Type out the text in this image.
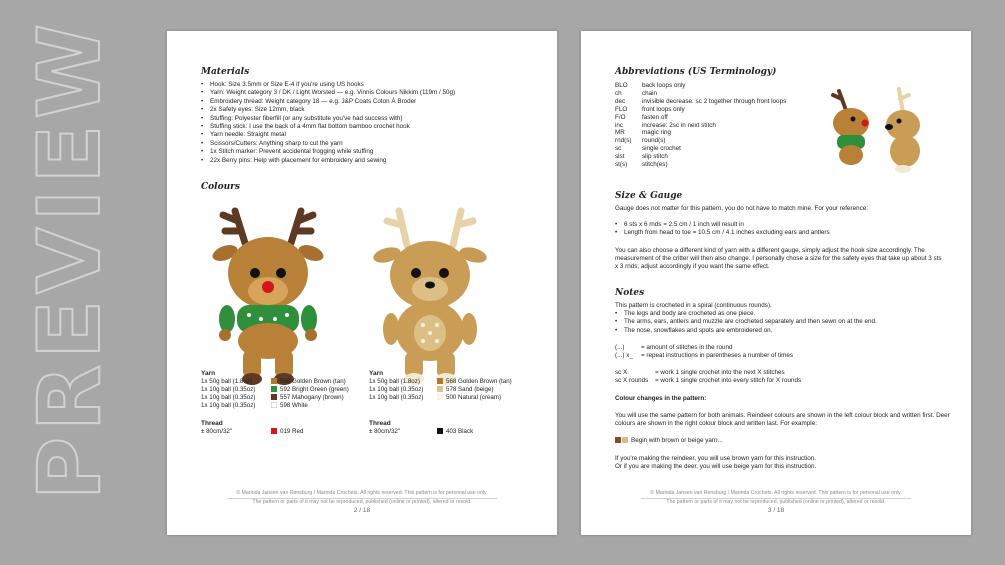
PREVIEW	Materials
• Hook: Size 3.5mm or Size E-4 if you're using US hooks
• Yarn: Weight category 3 / DK / Light Worsted — e.g. Vinnis Colours Nikkim (119m / 50g)
• Embroidery thread: Weight category 18 — e.g. J&P Coats Coton À Broder
• 2x Safety eyes: Size 12mm, black
• Stuffing: Polyester fiberfill (or any substitute you've had success with)
• Stuffing stick: I use the back of a 4mm flat bottom bamboo crochet hook
• Yarn needle: Straight metal
• Scissors/Cutters: Anything sharp to cut the yarn
• 1x Stitch marker: Prevent accidental frogging while stuffing
• 22x Berry pins: Help with placement for embroidery and sewing
Colours
Yarn
1x 50g ball (1.8oz)	568 Golden Brown (tan)
1x 10g ball (0.35oz)	592 Bright Green (green)
1x 10g ball (0.35oz)	557 Mahogany (brown)
1x 10g ball (0.35oz)	598 White
Thread
± 80cm/32"	019 Red
Yarn
1x 50g ball (1.8oz)	568 Golden Brown (tan)
1x 10g ball (0.35oz)	578 Sand (beige)
1x 10g ball (0.35oz)	500 Natural (cream)
Thread
± 80cm/32"	403 Black
© Marinda Jansen van Rensburg / Marinda Crochets. All rights reserved. This pattern is for personal use only.
The pattern or parts of it may not be reproduced, published (online or printed), altered or resold.
2 / 18
Abbreviations (US Terminology)
BLO back loops only
ch	chain
dec	invisible decrease: sc 2 together through front loops
FLO front loops only
F/O	fasten off
inc	increase: 2sc in next stitch
MR	magic ring
rnd(s) round(s)
sc	single crochet
slst	slip stitch
st(s) stitch(es)
Size & Gauge
Gauge does not matter for this pattern, you do not have to match mine. For your reference:
• 6 sts x 6 rnds = 2.5 cm / 1 inch will result in
• Length from head to toe = 10.5 cm / 4.1 inches excluding ears and antlers
You can also choose a different kind of yarn with a different gauge, simply adjust the hook size accordingly. The measurement of the critter will then also change. I personally chose a size for the safety eyes that take up about 3 sts x 3 rnds; adjust accordingly if you want the same effect.
Notes
This pattern is crocheted in a spiral (continuous rounds).
• The legs and body are crocheted as one piece.
• The arms, ears, antlers and muzzle are crocheted separately and then sewn on at the end.
• The nose, snowflakes and spots are embroidered on.
(...)	= amount of stitches in the round
(...) x_ = repeat instructions in parentheses a number of times
sc X	= work 1 single crochet into the next X stitches
sc X rounds = work 1 single crochet into every stitch for X rounds
Colour changes in the pattern:
You will use the same pattern for both animals. Reindeer colours are shown in the left colour block and written first. Deer colours are shown in the right colour block and written last. For example:
Begin with brown or beige yarn...
If you're making the reindeer, you will use brown yarn for this instruction.
Or if you are making the deer, you will use beige yarn for this instruction.
© Marinda Jansen van Rensburg / Marinda Crochets. All rights reserved. This pattern is for personal use only.
The pattern or parts of it may not be reproduced, published (online or printed), altered or resold.
3 / 18
